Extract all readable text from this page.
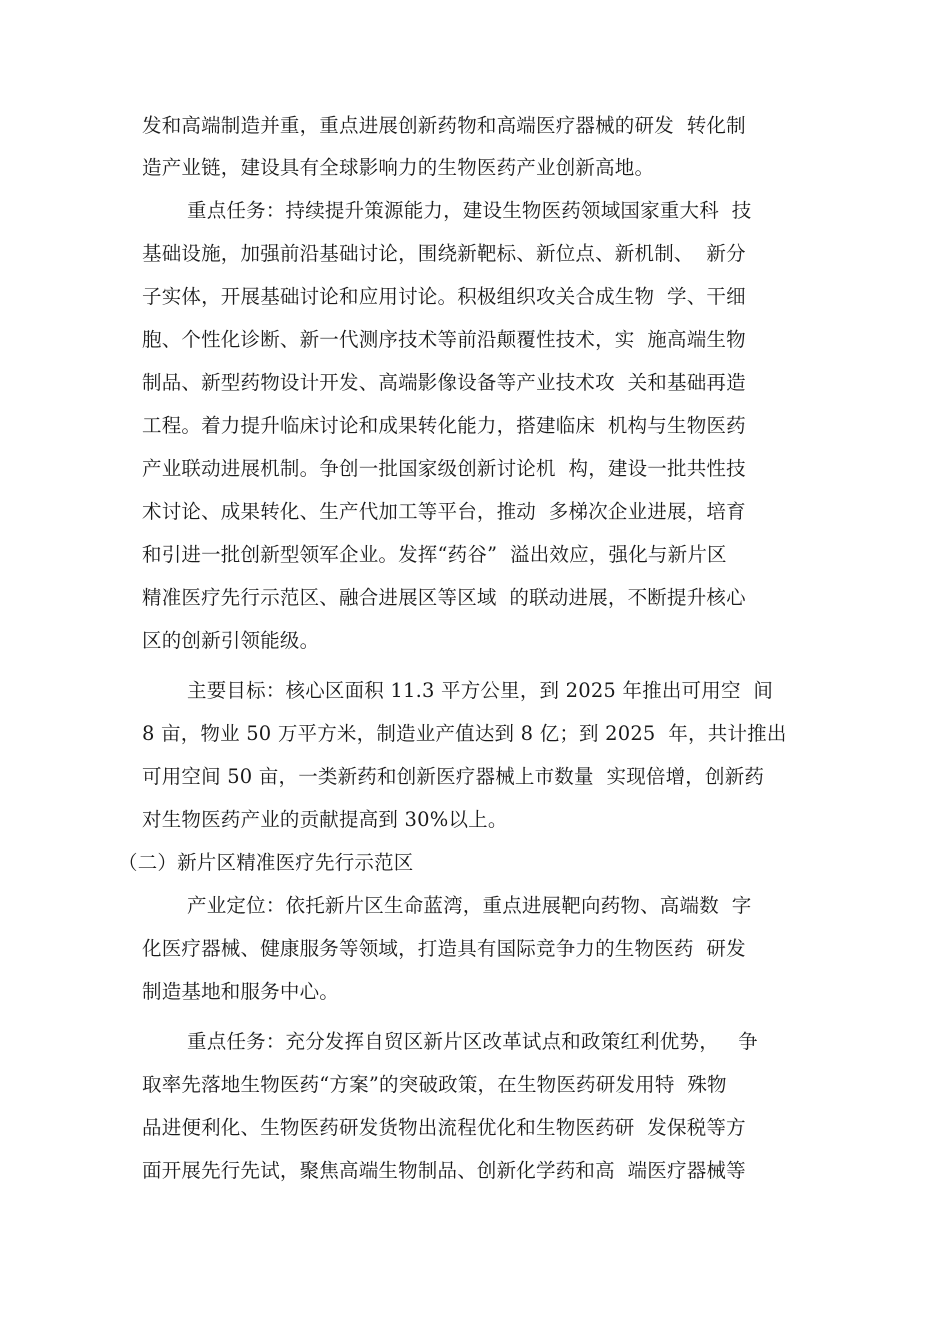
发和高端制造并重，重点进展创新药物和高端医疗器械的研发  转化制
造产业链，建设具有全球影响力的生物医药产业创新高地。
重点任务：持续提升策源能力，建设生物医药领域国家重大科  技
基础设施，加强前沿基础讨论，围绕新靶标、新位点、新机制、  新分
子实体，开展基础讨论和应用讨论。积极组织攻关合成生物  学、干细
胞、个性化诊断、新一代测序技术等前沿颠覆性技术，实  施高端生物
制品、新型药物设计开发、高端影像设备等产业技术攻  关和基础再造
工程。着力提升临床讨论和成果转化能力，搭建临床  机构与生物医药
产业联动进展机制。争创一批国家级创新讨论机  构，建设一批共性技
术讨论、成果转化、生产代加工等平台，推动  多梯次企业进展，培育
和引进一批创新型领军企业。发挥“药谷”  溢出效应，强化与新片区
精准医疗先行示范区、融合进展区等区域  的联动进展，不断提升核心
区的创新引领能级。
主要目标：核心区面积 11.3 平方公里，到 2025 年推出可用空  间
8 亩，物业 50 万平方米，制造业产值达到 8 亿；到 2025  年，共计推出
可用空间 50 亩，一类新药和创新医疗器械上市数量  实现倍增，创新药
对生物医药产业的贡献提高到 30%以上。
（二）新片区精准医疗先行示范区
产业定位：依托新片区生命蓝湾，重点进展靶向药物、高端数  字
化医疗器械、健康服务等领域，打造具有国际竞争力的生物医药  研发
制造基地和服务中心。
重点任务：充分发挥自贸区新片区改革试点和政策红利优势，   争
取率先落地生物医药“方案”的突破政策，在生物医药研发用特  殊物
品进便利化、生物医药研发货物出流程优化和生物医药研  发保税等方
面开展先行先试，聚焦高端生物制品、创新化学药和高  端医疗器械等
